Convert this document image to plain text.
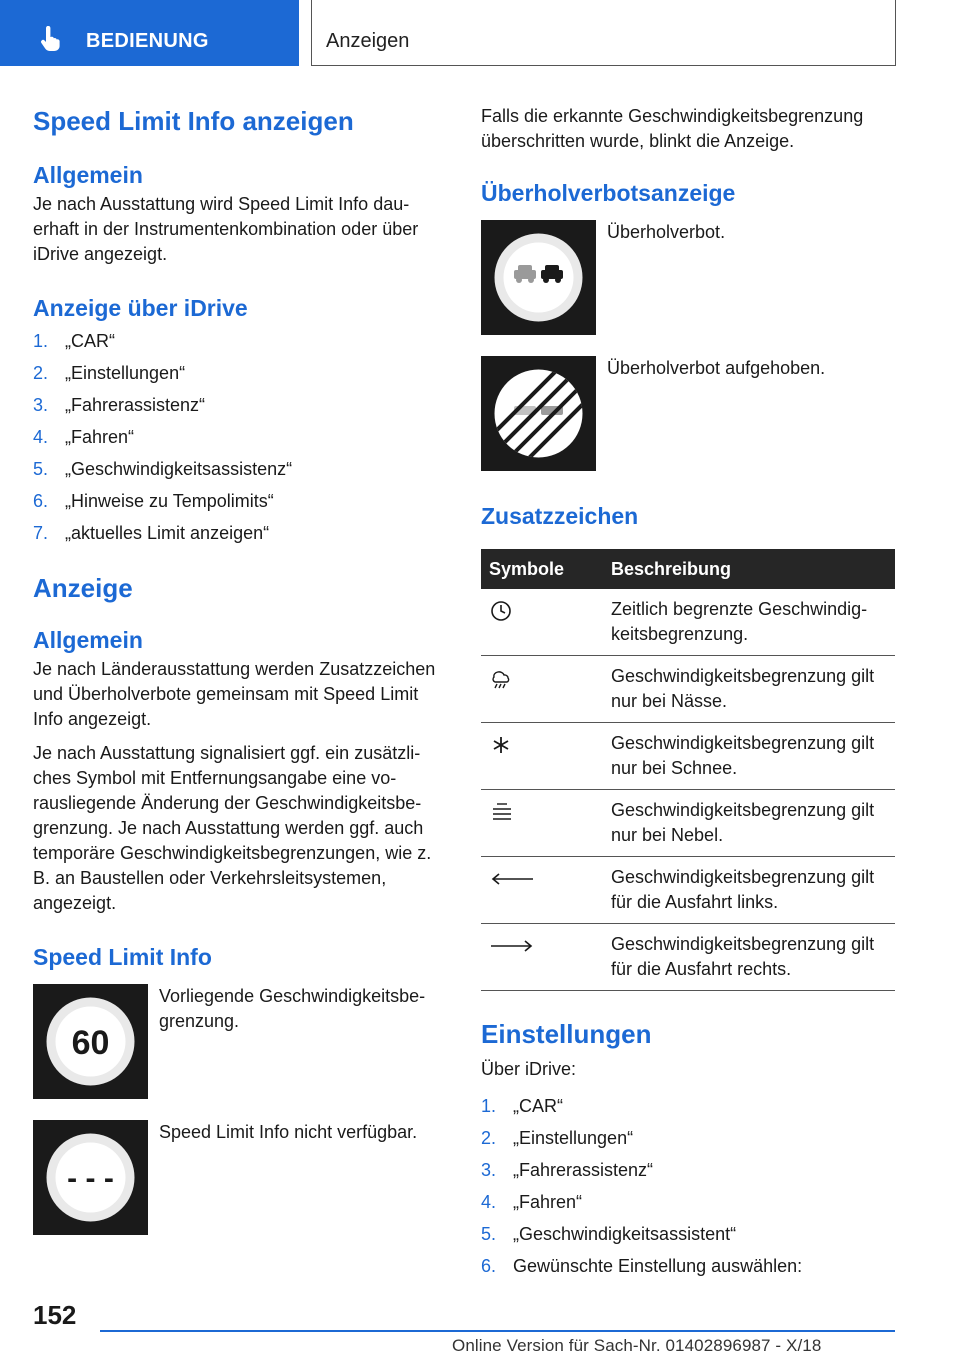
BEDIENUNG	Anzeigen
Speed Limit Info anzeigen
Allgemein

Je nach Ausstattung wird Speed Limit Info dauerhaft in der Instrumentenkombination oder über iDrive angezeigt.

Anzeige über iDrive
1. „CAR“
2. „Einstellungen“
3. „Fahrerassistenz“
4. „Fahren“
5. „Geschwindigkeitsassistenz“
6. „Hinweise zu Tempolimits“
7. „aktuelles Limit anzeigen“
Anzeige
Allgemein

Je nach Länderausstattung werden Zusatzzeichen und Überholverbote gemeinsam mit Speed Limit Info angezeigt.

Je nach Ausstattung signalisiert ggf. ein zusätzliches Symbol mit Entfernungsangabe eine vorausliegende Änderung der Geschwindigkeitsbegrenzung. Je nach Ausstattung werden ggf. auch temporäre Geschwindigkeitsbegrenzungen, wie z. B. an Baustellen oder Verkehrsleitsystemen, angezeigt.

Speed Limit Info
60
Vorliegende Geschwindigkeitsbegrenzung.
- - -
Speed Limit Info nicht verfügbar.

Falls die erkannte Geschwindigkeitsbegrenzung überschritten wurde, blinkt die Anzeige.

Überholverbotsanzeige
Überholverbot.
Überholverbot aufgehoben.
Zusatzzeichen
Symbole	Beschreibung

	Zeitlich begrenzte Geschwindigkeitsbegrenzung.

	Geschwindigkeitsbegrenzung gilt nur bei Nässe.

	Geschwindigkeitsbegrenzung gilt nur bei Schnee.

	Geschwindigkeitsbegrenzung gilt nur bei Nebel.

	Geschwindigkeitsbegrenzung gilt für die Ausfahrt links.

	Geschwindigkeitsbegrenzung gilt für die Ausfahrt rechts.
Einstellungen

Über iDrive:

1. „CAR“
2. „Einstellungen“
3. „Fahrerassistenz“
4. „Fahren“
5. „Geschwindigkeitsassistent“
6. Gewünschte Einstellung auswählen:
152
Online Version für Sach-Nr. 01402896987 - X/18
